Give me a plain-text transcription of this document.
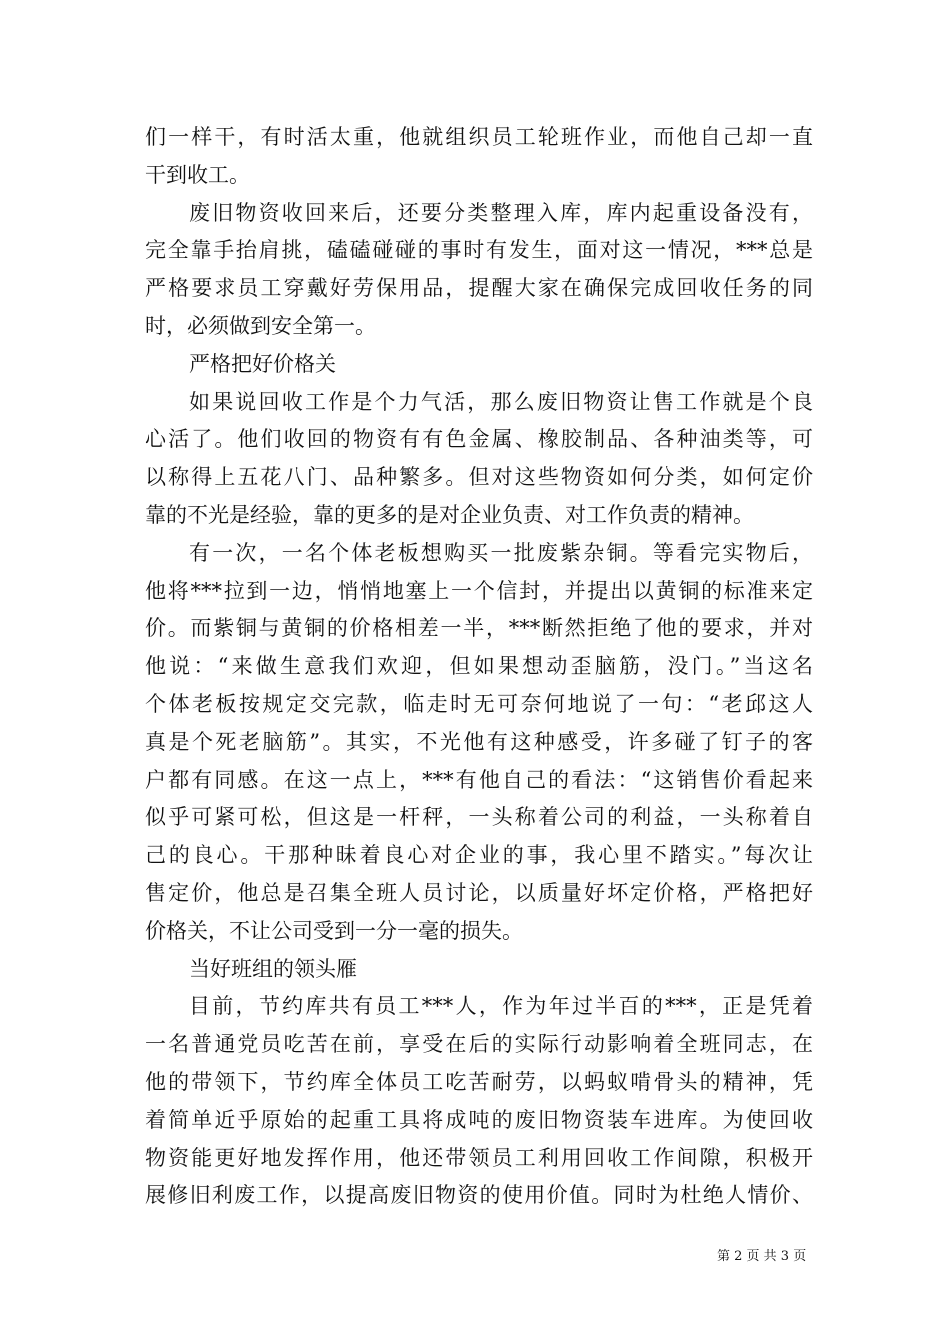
们一样干，有时活太重，他就组织员工轮班作业，而他自己却一直
干到收工。
废旧物资收回来后，还要分类整理入库，库内起重设备没有，
完全靠手抬肩挑，磕磕碰碰的事时有发生，面对这一情况，***总是
严格要求员工穿戴好劳保用品，提醒大家在确保完成回收任务的同
时，必须做到安全第一。
严格把好价格关
如果说回收工作是个力气活，那么废旧物资让售工作就是个良
心活了。他们收回的物资有有色金属、橡胶制品、各种油类等，可
以称得上五花八门、品种繁多。但对这些物资如何分类，如何定价
靠的不光是经验，靠的更多的是对企业负责、对工作负责的精神。
有一次，一名个体老板想购买一批废紫杂铜。等看完实物后，
他将***拉到一边，悄悄地塞上一个信封，并提出以黄铜的标准来定
价。而紫铜与黄铜的价格相差一半，***断然拒绝了他的要求，并对
他说：“来做生意我们欢迎，但如果想动歪脑筋，没门。”当这名
个体老板按规定交完款，临走时无可奈何地说了一句：“老邱这人
真是个死老脑筋”。其实，不光他有这种感受，许多碰了钉子的客
户都有同感。在这一点上，***有他自己的看法：“这销售价看起来
似乎可紧可松，但这是一杆秤，一头称着公司的利益，一头称着自
己的良心。干那种昧着良心对企业的事，我心里不踏实。”每次让
售定价，他总是召集全班人员讨论，以质量好坏定价格，严格把好
价格关，不让公司受到一分一毫的损失。
当好班组的领头雁
目前，节约库共有员工***人，作为年过半百的***，正是凭着
一名普通党员吃苦在前，享受在后的实际行动影响着全班同志，在
他的带领下，节约库全体员工吃苦耐劳，以蚂蚁啃骨头的精神，凭
着简单近乎原始的起重工具将成吨的废旧物资装车进库。为使回收
物资能更好地发挥作用，他还带领员工利用回收工作间隙，积极开
展修旧利废工作，以提高废旧物资的使用价值。同时为杜绝人情价、
第 2 页 共 3 页
